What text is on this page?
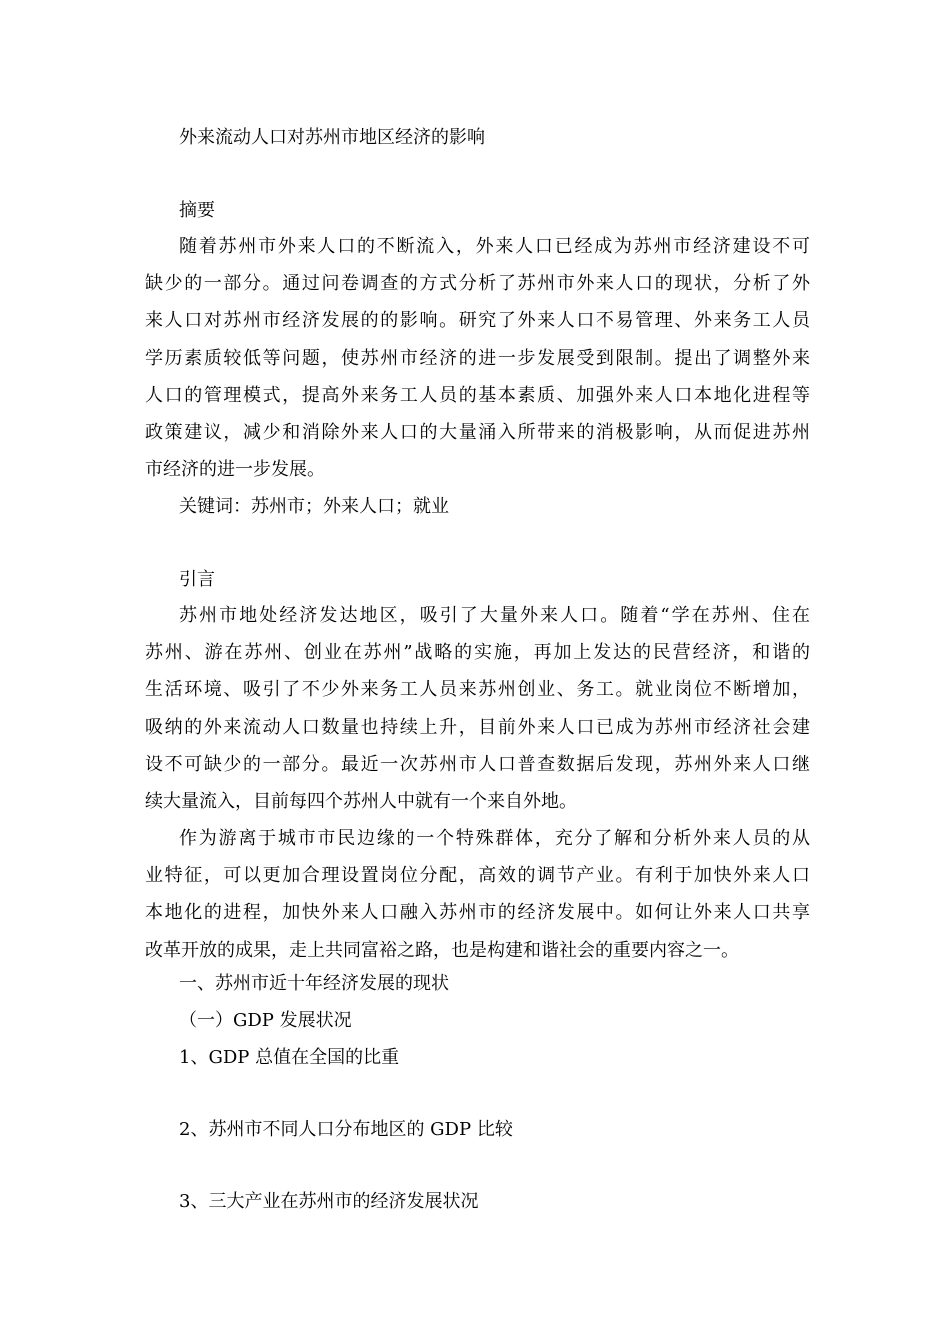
外来流动人口对苏州市地区经济的影响
摘要
随着苏州市外来人口的不断流入，外来人口已经成为苏州市经济建设不可
缺少的一部分。通过问卷调查的方式分析了苏州市外来人口的现状，分析了外
来人口对苏州市经济发展的的影响。研究了外来人口不易管理、外来务工人员
学历素质较低等问题，使苏州市经济的进一步发展受到限制。提出了调整外来
人口的管理模式，提高外来务工人员的基本素质、加强外来人口本地化进程等
政策建议，减少和消除外来人口的大量涌入所带来的消极影响，从而促进苏州
市经济的进一步发展。
关键词：苏州市；外来人口；就业
引言
苏州市地处经济发达地区，吸引了大量外来人口。随着“学在苏州、住在
苏州、游在苏州、创业在苏州”战略的实施，再加上发达的民营经济，和谐的
生活环境、吸引了不少外来务工人员来苏州创业、务工。就业岗位不断增加，
吸纳的外来流动人口数量也持续上升，目前外来人口已成为苏州市经济社会建
设不可缺少的一部分。最近一次苏州市人口普查数据后发现，苏州外来人口继
续大量流入，目前每四个苏州人中就有一个来自外地。
作为游离于城市市民边缘的一个特殊群体，充分了解和分析外来人员的从
业特征，可以更加合理设置岗位分配，高效的调节产业。有利于加快外来人口
本地化的进程，加快外来人口融入苏州市的经济发展中。如何让外来人口共享
改革开放的成果，走上共同富裕之路，也是构建和谐社会的重要内容之一。
一、苏州市近十年经济发展的现状
（一）GDP 发展状况
1、GDP 总值在全国的比重
2、苏州市不同人口分布地区的 GDP 比较
3、三大产业在苏州市的经济发展状况
